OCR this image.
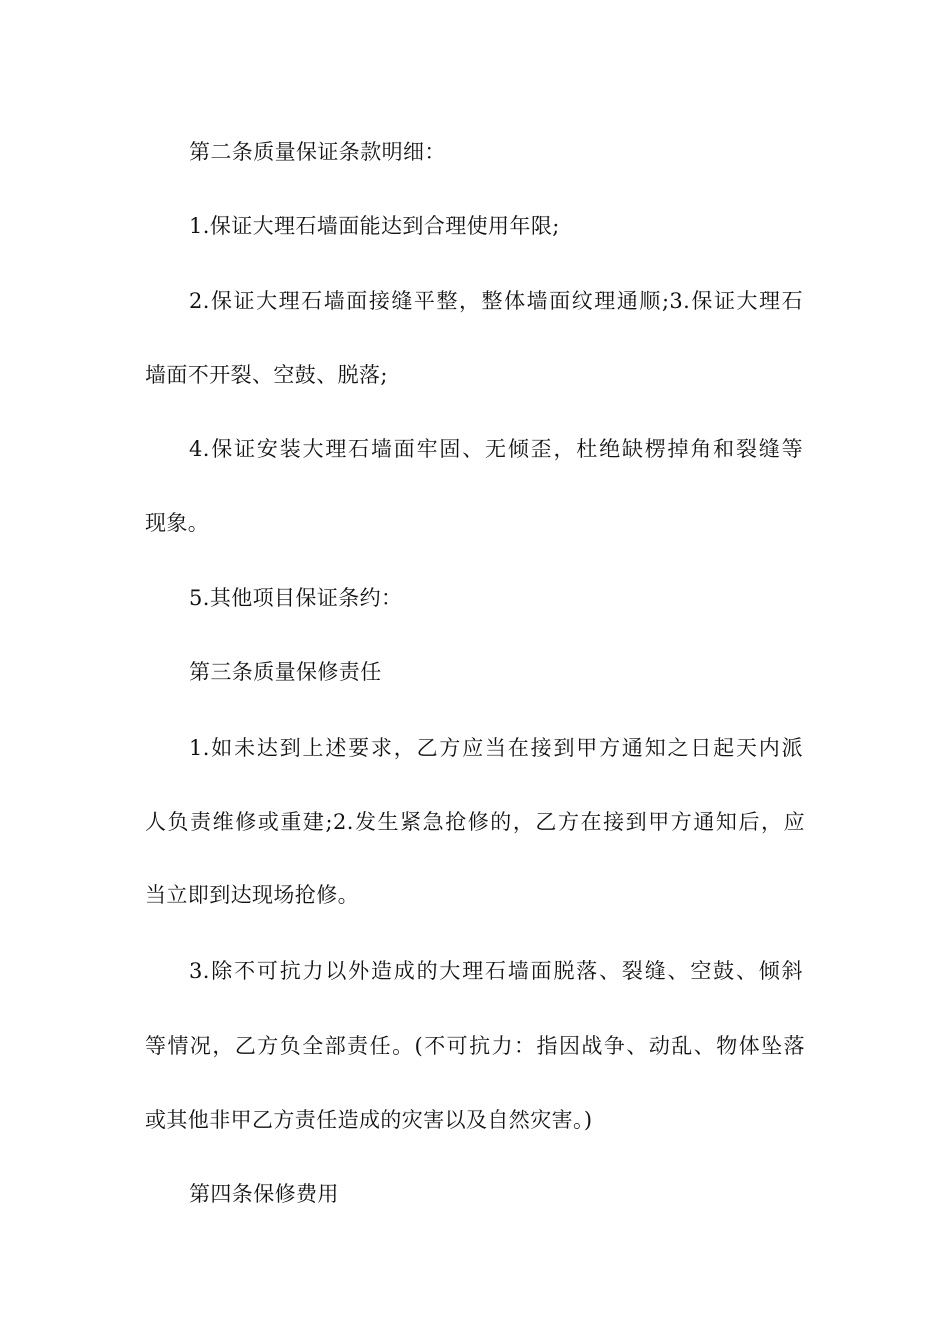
第二条质量保证条款明细：
1.保证大理石墙面能达到合理使用年限;
2.保证大理石墙面接缝平整，整体墙面纹理通顺;3.保证大理石
墙面不开裂、空鼓、脱落;
4.保证安装大理石墙面牢固、无倾歪，杜绝缺楞掉角和裂缝等
现象。
5.其他项目保证条约：
第三条质量保修责任
1.如未达到上述要求，乙方应当在接到甲方通知之日起天内派
人负责维修或重建;2.发生紧急抢修的，乙方在接到甲方通知后，应
当立即到达现场抢修。
3.除不可抗力以外造成的大理石墙面脱落、裂缝、空鼓、倾斜
等情况，乙方负全部责任。(不可抗力：指因战争、动乱、物体坠落
或其他非甲乙方责任造成的灾害以及自然灾害。)
第四条保修费用
